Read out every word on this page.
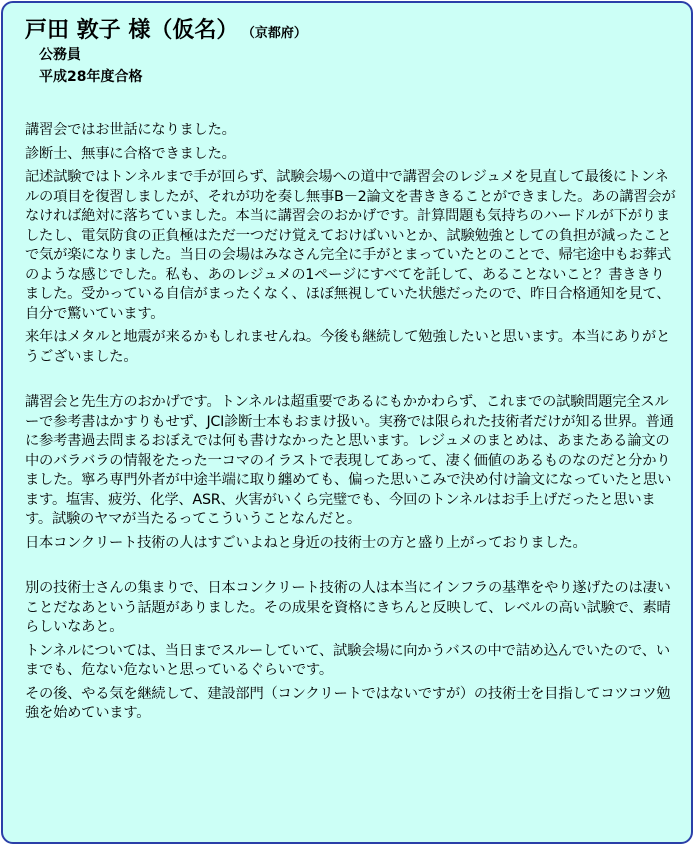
戸田 敦子 様（仮名） （京都府）
公務員
平成28年度合格

講習会ではお世話になりました。

診断士、無事に合格できました。

記述試験ではトンネルまで手が回らず、試験会場への道中で講習会のレジュメを見直して最後にトンネルの項目を復習しましたが、それが功を奏し無事B－2論文を書ききることができました。あの講習会がなければ絶対に落ちていました。本当に講習会のおかげです。計算問題も気持ちのハードルが下がりましたし、電気防食の正負極はただ一つだけ覚えておけばいいとか、試験勉強としての負担が減ったことで気が楽になりました。当日の会場はみなさん完全に手がとまっていたとのことで、帰宅途中もお葬式のような感じでした。私も、あのレジュメの1ページにすべてを託して、あることないこと？書ききりました。受かっている自信がまったくなく、ほぼ無視していた状態だったので、昨日合格通知を見て、自分で驚いています。

来年はメタルと地震が来るかもしれませんね。今後も継続して勉強したいと思います。本当にありがとうございました。

講習会と先生方のおかげです。トンネルは超重要であるにもかかわらず、これまでの試験問題完全スルーで参考書はかすりもせず、JCI診断士本もおまけ扱い。実務では限られた技術者だけが知る世界。普通に参考書過去問まるおぼえでは何も書けなかったと思います。レジュメのまとめは、あまたある論文の中のバラバラの情報をたった一コマのイラストで表現してあって、凄く価値のあるものなのだと分かりました。寧ろ専門外者が中途半端に取り纏めても、偏った思いこみで決め付け論文になっていたと思います。塩害、疲労、化学、ASR、火害がいくら完璧でも、今回のトンネルはお手上げだったと思います。試験のヤマが当たるってこういうことなんだと。

日本コンクリート技術の人はすごいよねと身近の技術士の方と盛り上がっておりました。

別の技術士さんの集まりで、日本コンクリート技術の人は本当にインフラの基準をやり遂げたのは凄いことだなあという話題がありました。その成果を資格にきちんと反映して、レベルの高い試験で、素晴らしいなあと。

トンネルについては、当日までスルーしていて、試験会場に向かうバスの中で詰め込んでいたので、いまでも、危ない危ないと思っているぐらいです。

その後、やる気を継続して、建設部門（コンクリートではないですが）の技術士を目指してコツコツ勉強を始めています。
